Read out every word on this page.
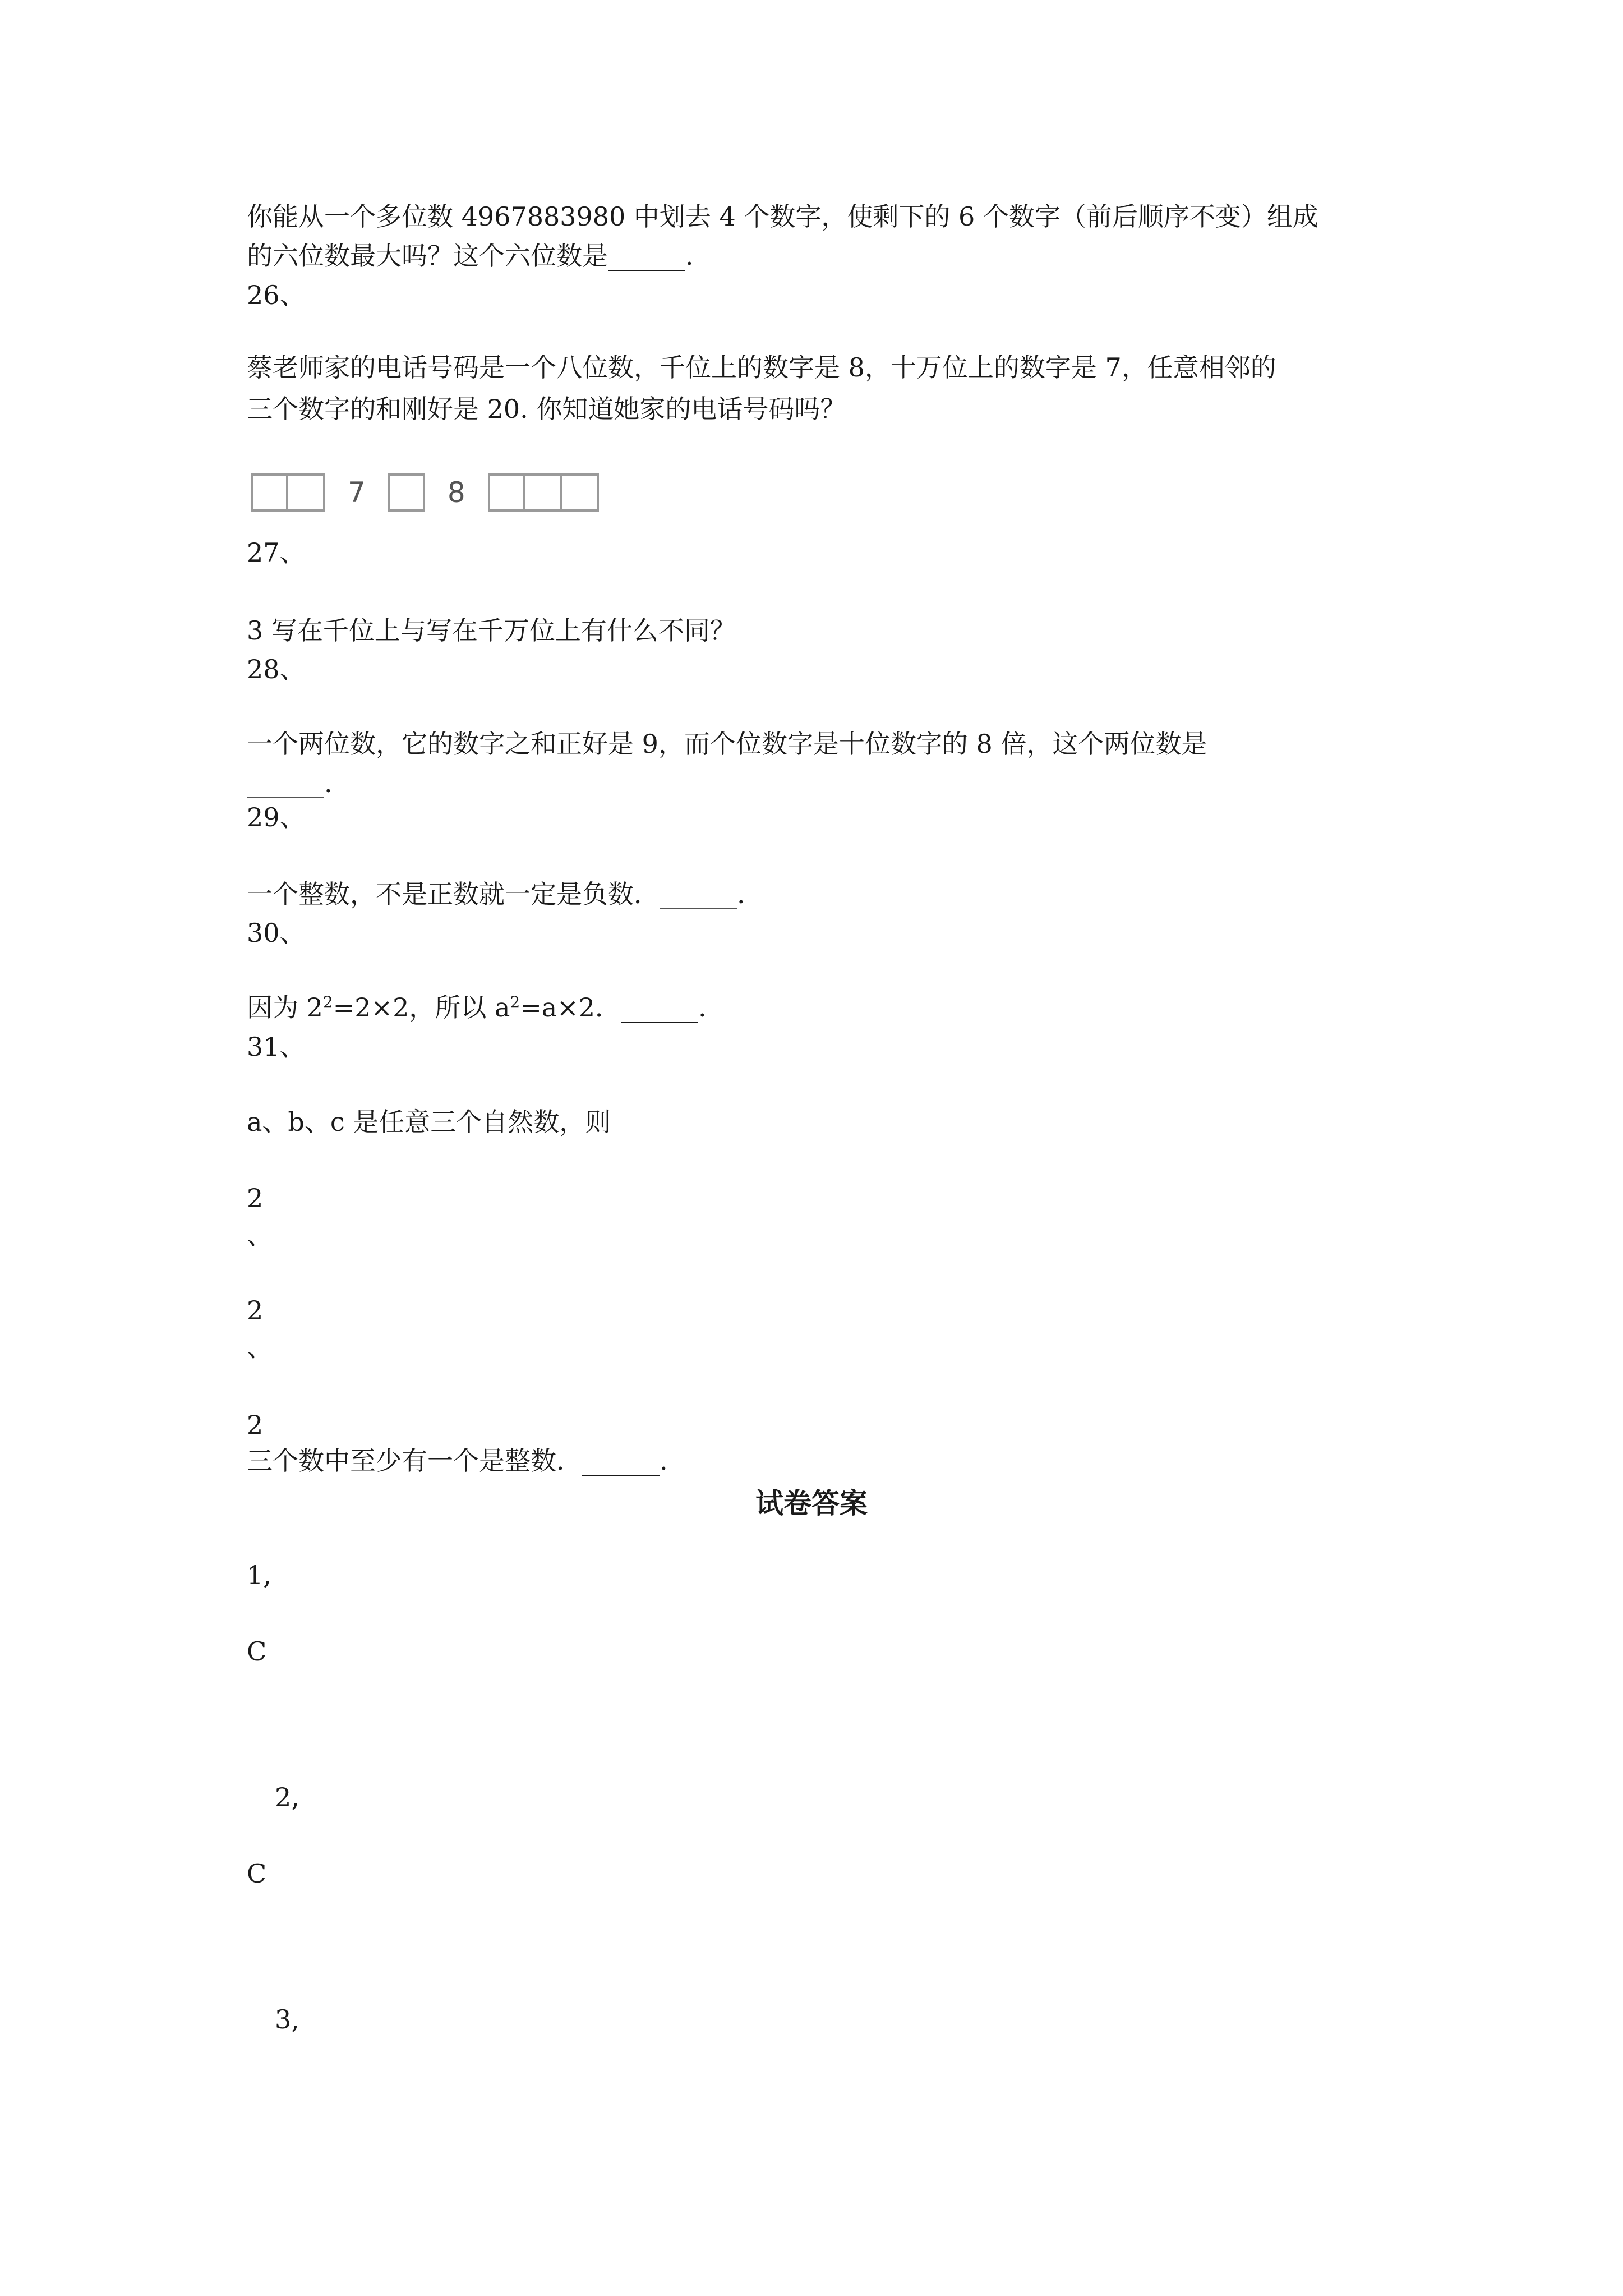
你能从一个多位数 4967883980 中划去 4 个数字，使剩下的 6 个数字（前后顺序不变）组成
的六位数最大吗？这个六位数是______.
26、
蔡老师家的电话号码是一个八位数，千位上的数字是 8，十万位上的数字是 7，任意相邻的
三个数字的和刚好是 20. 你知道她家的电话号码吗？
7	8
27、
3 写在千位上与写在千万位上有什么不同？
28、
一个两位数，它的数字之和正好是 9，而个位数字是十位数字的 8 倍，这个两位数是
______.
29、
一个整数，不是正数就一定是负数．______.
30、
因为 $2^2=2\times 2$，所以 $a^2=a\times 2$．______.
31、
a、b、c 是任意三个自然数，则
2
、
2
、
2
三个数中至少有一个是整数．______.
试卷答案
1,
C
2,
C
3,
